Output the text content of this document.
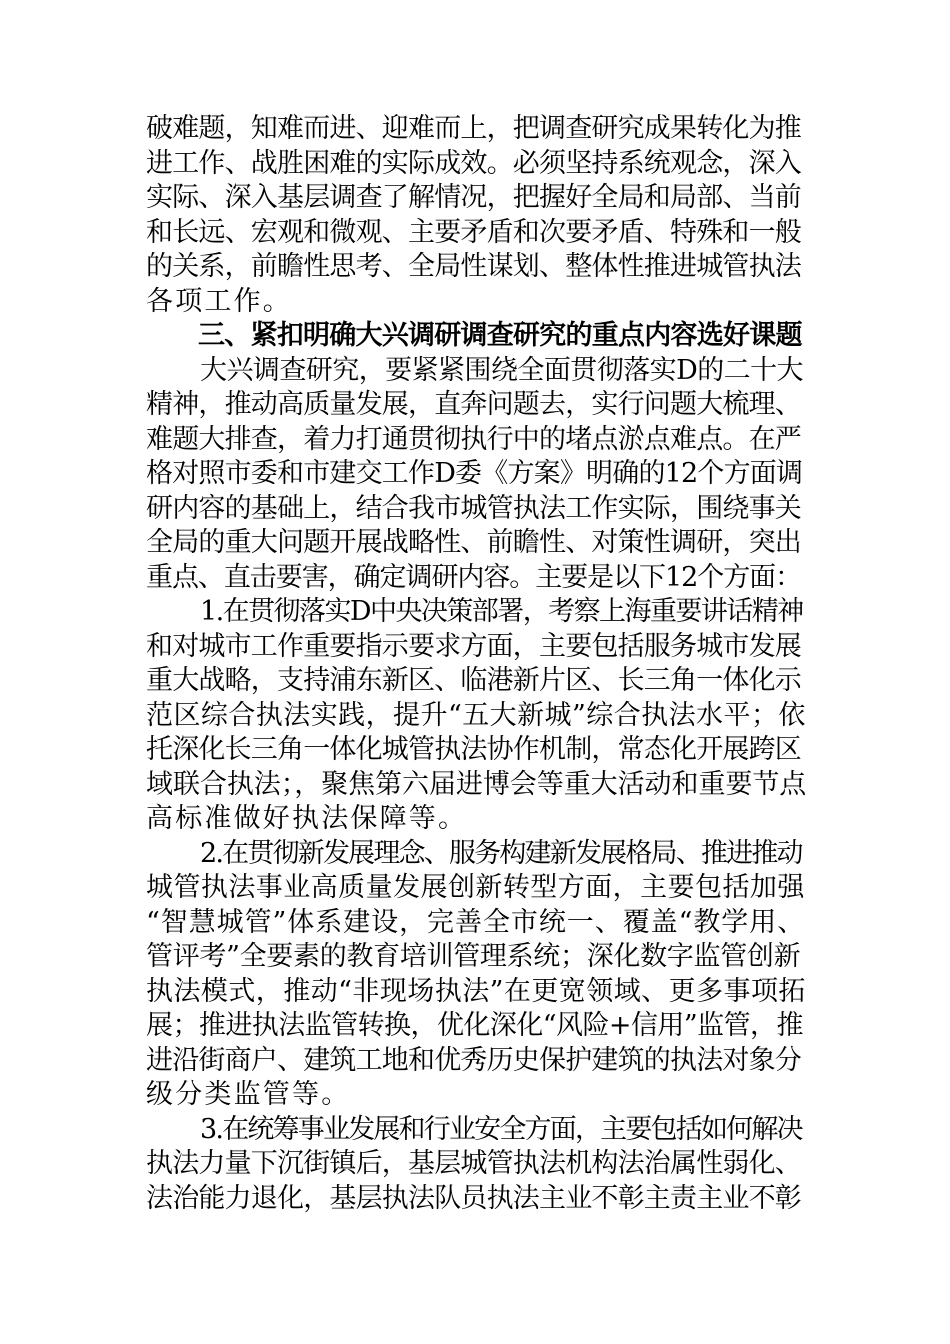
破难题，知难而进、迎难而上，把调查研究成果转化为推
进工作、战胜困难的实际成效。必须坚持系统观念，深入
实际、深入基层调查了解情况，把握好全局和局部、当前
和长远、宏观和微观、主要矛盾和次要矛盾、特殊和一般
的关系，前瞻性思考、全局性谋划、整体性推进城管执法
各项工作。
三、紧扣明确大兴调研调查研究的重点内容选好课题
大兴调查研究，要紧紧围绕全面贯彻落实D的二十大
精神，推动高质量发展，直奔问题去，实行问题大梳理、
难题大排查，着力打通贯彻执行中的堵点淤点难点。在严
格对照市委和市建交工作D委《方案》明确的12个方面调
研内容的基础上，结合我市城管执法工作实际，围绕事关
全局的重大问题开展战略性、前瞻性、对策性调研，突出
重点、直击要害，确定调研内容。主要是以下12个方面：
1.在贯彻落实D中央决策部署，考察上海重要讲话精神
和对城市工作重要指示要求方面，主要包括服务城市发展
重大战略，支持浦东新区、临港新片区、长三角一体化示
范区综合执法实践，提升“五大新城”综合执法水平；依
托深化长三角一体化城管执法协作机制，常态化开展跨区
域联合执法；，聚焦第六届进博会等重大活动和重要节点
高标准做好执法保障等。
2.在贯彻新发展理念、服务构建新发展格局、推进推动
城管执法事业高质量发展创新转型方面，主要包括加强
“智慧城管”体系建设，完善全市统一、覆盖“教学用、
管评考”全要素的教育培训管理系统；深化数字监管创新
执法模式，推动“非现场执法”在更宽领域、更多事项拓
展；推进执法监管转换，优化深化“风险+信用”监管，推
进沿街商户、建筑工地和优秀历史保护建筑的执法对象分
级分类监管等。
3.在统筹事业发展和行业安全方面，主要包括如何解决
执法力量下沉街镇后，基层城管执法机构法治属性弱化、
法治能力退化，基层执法队员执法主业不彰主责主业不彰
